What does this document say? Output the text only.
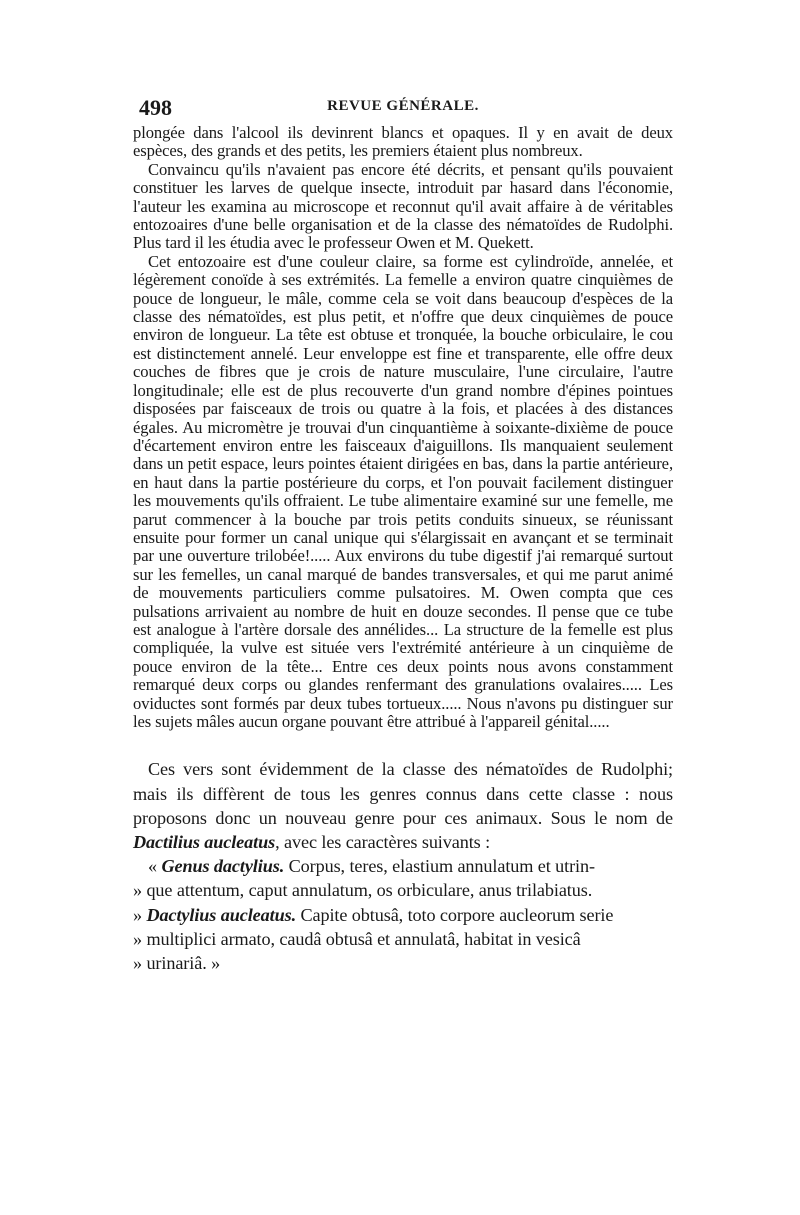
498	REVUE GÉNÉRALE.

plongée dans l'alcool ils devinrent blancs et opaques. Il y en avait de deux espèces, des grands et des petits, les premiers étaient plus nombreux.

Convaincu qu'ils n'avaient pas encore été décrits, et pensant qu'ils pouvaient constituer les larves de quelque insecte, introduit par hasard dans l'économie, l'auteur les examina au microscope et reconnut qu'il avait affaire à de véritables entozoaires d'une belle organisation et de la classe des nématoïdes de Rudolphi. Plus tard il les étudia avec le professeur Owen et M. Quekett.

Cet entozoaire est d'une couleur claire, sa forme est cylindroïde, annelée, et légèrement conoïde à ses extrémités. La femelle a environ quatre cinquièmes de pouce de longueur, le mâle, comme cela se voit dans beaucoup d'espèces de la classe des nématoïdes, est plus petit, et n'offre que deux cinquièmes de pouce environ de longueur. La tête est obtuse et tronquée, la bouche orbiculaire, le cou est distinctement annelé. Leur enveloppe est fine et transparente, elle offre deux couches de fibres que je crois de nature musculaire, l'une circulaire, l'autre longitudinale; elle est de plus recouverte d'un grand nombre d'épines pointues disposées par faisceaux de trois ou quatre à la fois, et placées à des distances égales. Au micromètre je trouvai d'un cinquantième à soixante-dixième de pouce d'écartement environ entre les faisceaux d'aiguillons. Ils manquaient seulement dans un petit espace, leurs pointes étaient dirigées en bas, dans la partie antérieure, en haut dans la partie postérieure du corps, et l'on pouvait facilement distinguer les mouvements qu'ils offraient. Le tube alimentaire examiné sur une femelle, me parut commencer à la bouche par trois petits conduits sinueux, se réunissant ensuite pour former un canal unique qui s'élargissait en avançant et se terminait par une ouverture trilobée!..... Aux environs du tube digestif j'ai remarqué surtout sur les femelles, un canal marqué de bandes transversales, et qui me parut animé de mouvements particuliers comme pulsatoires. M. Owen compta que ces pulsations arrivaient au nombre de huit en douze secondes. Il pense que ce tube est analogue à l'artère dorsale des annélides... La structure de la femelle est plus compliquée, la vulve est située vers l'extrémité antérieure à un cinquième de pouce environ de la tête... Entre ces deux points nous avons constamment remarqué deux corps ou glandes renfermant des granulations ovalaires..... Les oviductes sont formés par deux tubes tortueux..... Nous n'avons pu distinguer sur les sujets mâles aucun organe pouvant être attribué à l'appareil génital.....

Ces vers sont évidemment de la classe des nématoïdes de Rudolphi; mais ils diffèrent de tous les genres connus dans cette classe : nous proposons donc un nouveau genre pour ces animaux. Sous le nom de Dactilius aucleatus, avec les caractères suivants :

« Genus dactylius. Corpus, teres, elastium annulatum et utrin-

» que attentum, caput annulatum, os orbiculare, anus trilabiatus.

» Dactylius aucleatus. Capite obtusâ, toto corpore aucleorum serie

» multiplici armato, caudâ obtusâ et annulatâ, habitat in vesicâ

» urinariâ. »
